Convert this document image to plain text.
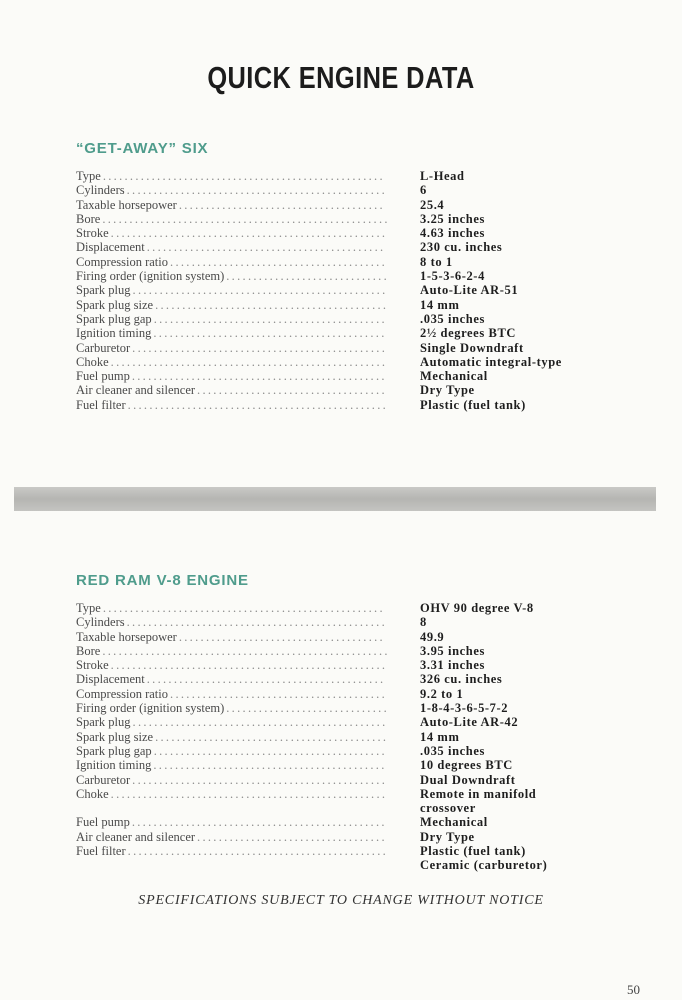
QUICK ENGINE DATA
“GET-AWAY” SIX
Type ....................................................	L-Head
Cylinders ................................................	6
Taxable horsepower ......................................	25.4
Bore ..................................................... 3.25 inches
Stroke ...................................................	4.63 inches
Displacement ............................................	230 cu. inches
Compression ratio ........................................	8 to 1
Firing order (ignition system) .............................. 1-5-3-6-2-4
Spark plug ...............................................	Auto-Lite AR-51
Spark plug size ...........................................	14 mm
Spark plug gap ...........................................	.035 inches
Ignition timing ...........................................	2½ degrees BTC
Carburetor ...............................................	Single Downdraft
Choke ...................................................	Automatic integral-type
Fuel pump ...............................................	Mechanical
Air cleaner and silencer ...................................	Dry Type
Fuel filter ................................................	Plastic (fuel tank)
RED RAM V-8 ENGINE
Type ....................................................	OHV 90 degree V-8
Cylinders ................................................	8
Taxable horsepower ......................................	49.9
Bore ..................................................... 3.95 inches
Stroke ...................................................	3.31 inches
Displacement ............................................	326 cu. inches
Compression ratio ........................................	9.2 to 1
Firing order (ignition system) .............................. 1-8-4-3-6-5-7-2
Spark plug ...............................................	Auto-Lite AR-42
Spark plug size ...........................................	14 mm
Spark plug gap ...........................................	.035 inches
Ignition timing ...........................................	10 degrees BTC
Carburetor ...............................................	Dual Downdraft
Choke ...................................................	Remote in manifold
crossover
Fuel pump ...............................................	Mechanical
Air cleaner and silencer ...................................	Dry Type
Fuel filter ................................................	Plastic (fuel tank)
Ceramic (carburetor)
SPECIFICATIONS SUBJECT TO CHANGE WITHOUT NOTICE
50
